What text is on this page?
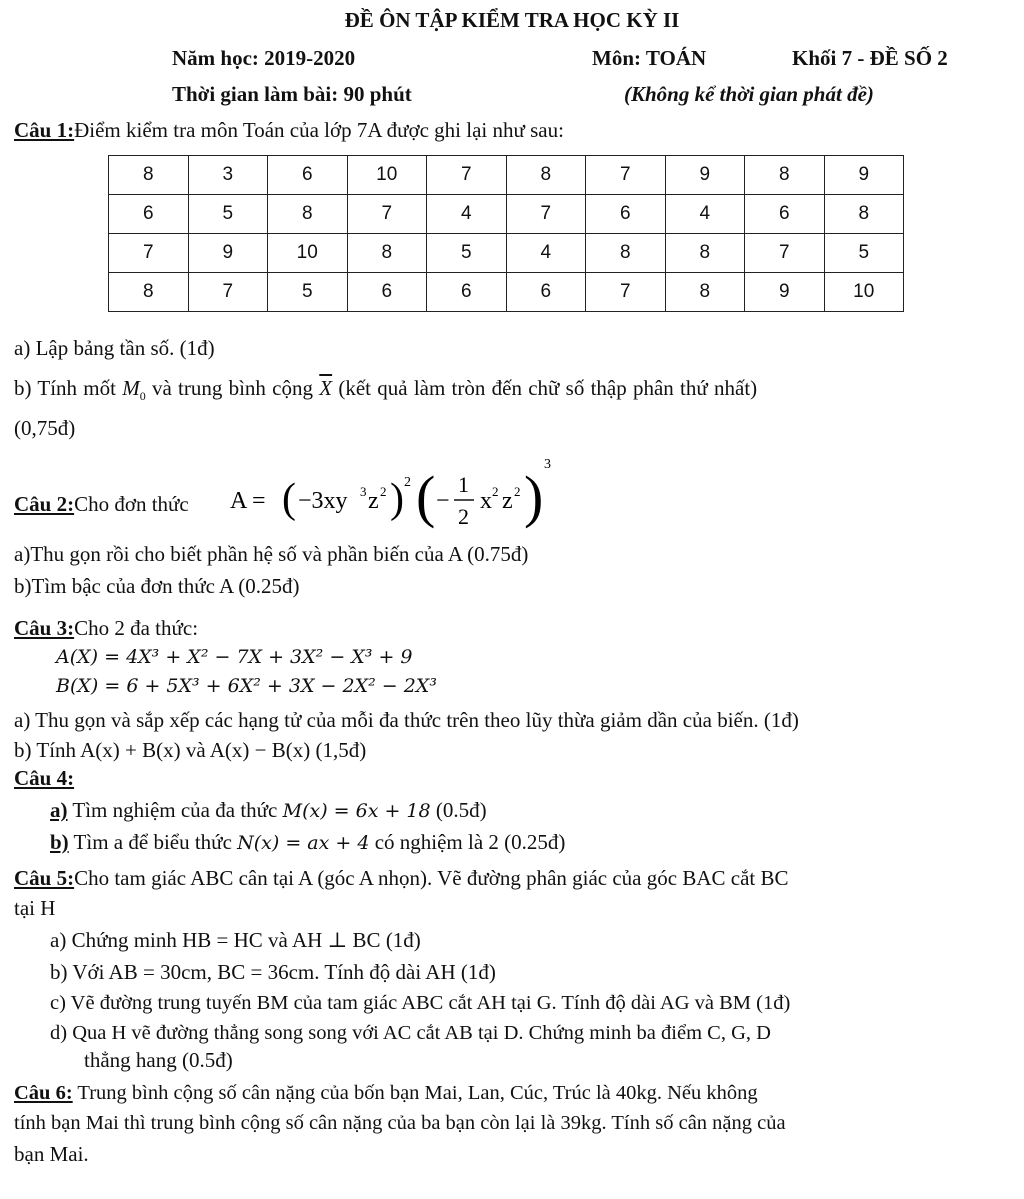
ĐỀ ÔN TẬP KIỂM TRA HỌC KỲ II
Năm học: 2019-2020	Môn: TOÁN	Khối 7 - ĐỀ SỐ 2
Thời gian làm bài: 90 phút	(Không kể thời gian phát đề)
Câu 1:Điểm kiểm tra môn Toán của lớp 7A được ghi lại như sau:
8	3	6	10	7	8	7	9	8	9
6	5	8	7	4	7	6	4	6	8
7	9	10	8	5	4	8	8	7	5
8	7	5	6	6	6	7	8	9	10
a) Lập bảng tần số. (1đ)
b) Tính mốt $M_0$ và trung bình cộng $\overline{X}$ (kết quả làm tròn đến chữ số thập phân thứ nhất)
(0,75đ)
Câu 2:Cho đơn thức A = ( −3xy 3 z 2 ) 2 ( −
1
2
x 2 z 2 ) 3
a)Thu gọn rồi cho biết phần hệ số và phần biến của A (0.75đ)
b)Tìm bậc của đơn thức A (0.25đ)
Câu 3:Cho 2 đa thức:
A(X) = 4X³ + X² − 7X + 3X² − X³ + 9
B(X) = 6 + 5X³ + 6X² + 3X − 2X² − 2X³
a) Thu gọn và sắp xếp các hạng tử của mỗi đa thức trên theo lũy thừa giảm dần của biến. (1đ)
b) Tính A(x) + B(x) và A(x) − B(x) (1,5đ)
Câu 4:
a) Tìm nghiệm của đa thức M(x) = 6x + 18 (0.5đ)
b) Tìm a để biểu thức N(x) = ax + 4 có nghiệm là 2 (0.25đ)
Câu 5:Cho tam giác ABC cân tại A (góc A nhọn). Vẽ đường phân giác của góc BAC cắt BC
tại H
a) Chứng minh HB = HC và AH ⊥ BC (1đ)
b) Với AB = 30cm, BC = 36cm. Tính độ dài AH (1đ)
c) Vẽ đường trung tuyến BM của tam giác ABC cắt AH tại G. Tính độ dài AG và BM (1đ)
d) Qua H vẽ đường thẳng song song với AC cắt AB tại D. Chứng minh ba điểm C, G, D
thẳng hang (0.5đ)
Câu 6: Trung bình cộng số cân nặng của bốn bạn Mai, Lan, Cúc, Trúc là 40kg. Nếu không
tính bạn Mai thì trung bình cộng số cân nặng của ba bạn còn lại là 39kg. Tính số cân nặng của
bạn Mai.
